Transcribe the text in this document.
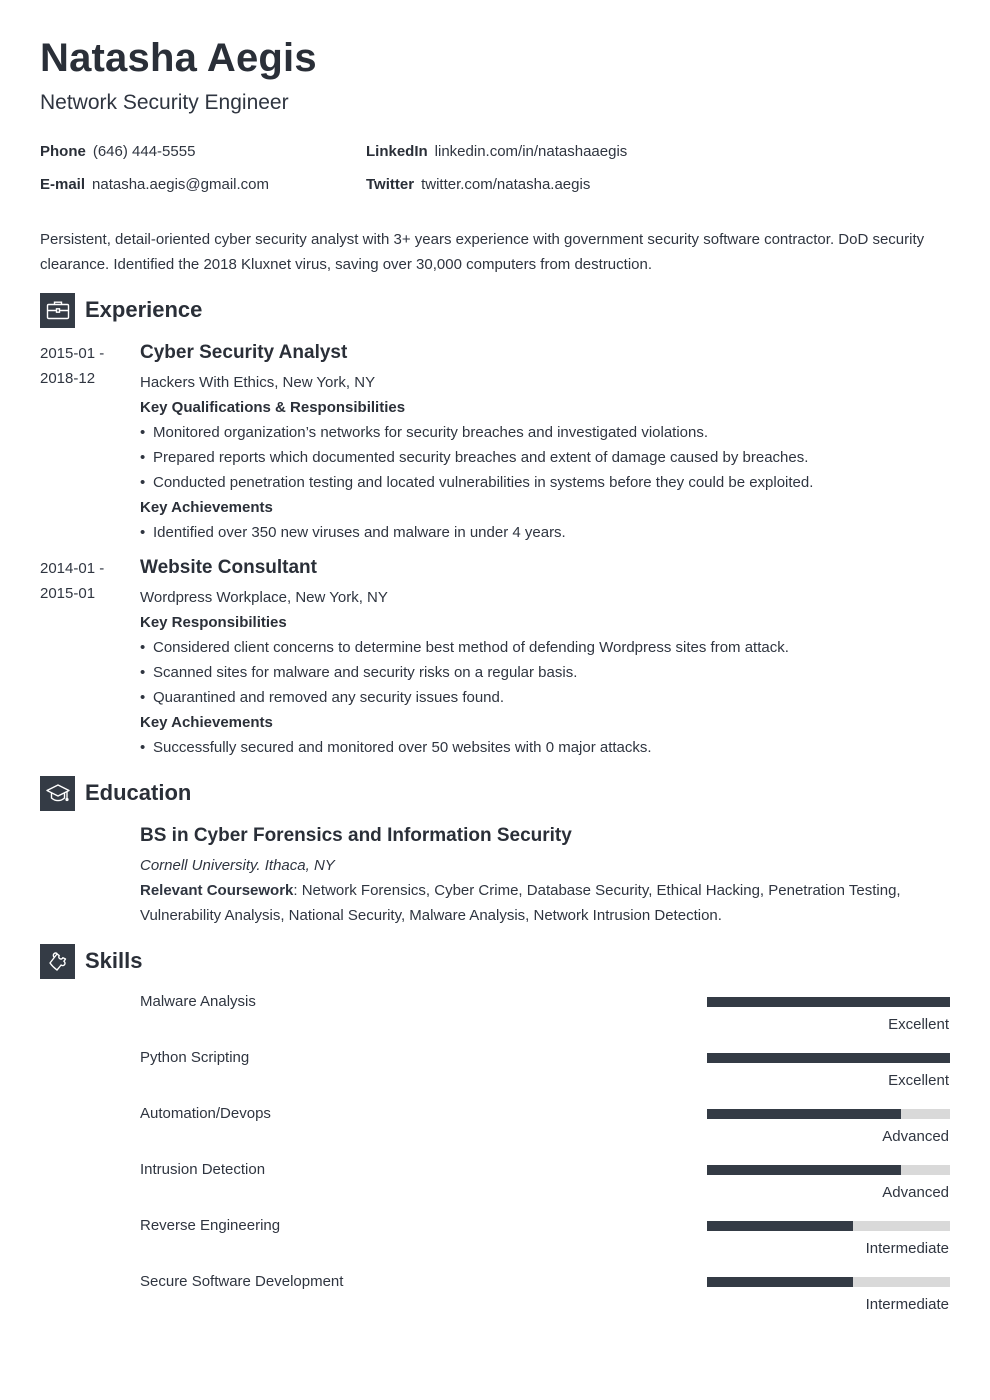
Natasha Aegis
Network Security Engineer
Phone (646) 444-5555
E-mail natasha.aegis@gmail.com
LinkedIn linkedin.com/in/natashaaegis
Twitter twitter.com/natasha.aegis
Persistent, detail-oriented cyber security analyst with 3+ years experience with government security software contractor. DoD security clearance. Identified the 2018 Kluxnet virus, saving over 30,000 computers from destruction.
Experience
2015-01 - 2018-12
Cyber Security Analyst
Hackers With Ethics, New York, NY
Key Qualifications & Responsibilities
• Monitored organization’s networks for security breaches and investigated violations.
• Prepared reports which documented security breaches and extent of damage caused by breaches.
• Conducted penetration testing and located vulnerabilities in systems before they could be exploited.
Key Achievements
• Identified over 350 new viruses and malware in under 4 years.
2014-01 - 2015-01
Website Consultant
Wordpress Workplace, New York, NY
Key Responsibilities
• Considered client concerns to determine best method of defending Wordpress sites from attack.
• Scanned sites for malware and security risks on a regular basis.
• Quarantined and removed any security issues found.
Key Achievements
• Successfully secured and monitored over 50 websites with 0 major attacks.
Education
BS in Cyber Forensics and Information Security
Cornell University. Ithaca, NY
Relevant Coursework: Network Forensics, Cyber Crime, Database Security, Ethical Hacking, Penetration Testing, Vulnerability Analysis, National Security, Malware Analysis, Network Intrusion Detection.
Skills
Malware Analysis
Excellent
Python Scripting
Excellent
Automation/Devops
Advanced
Intrusion Detection
Advanced
Reverse Engineering
Intermediate
Secure Software Development
Intermediate
